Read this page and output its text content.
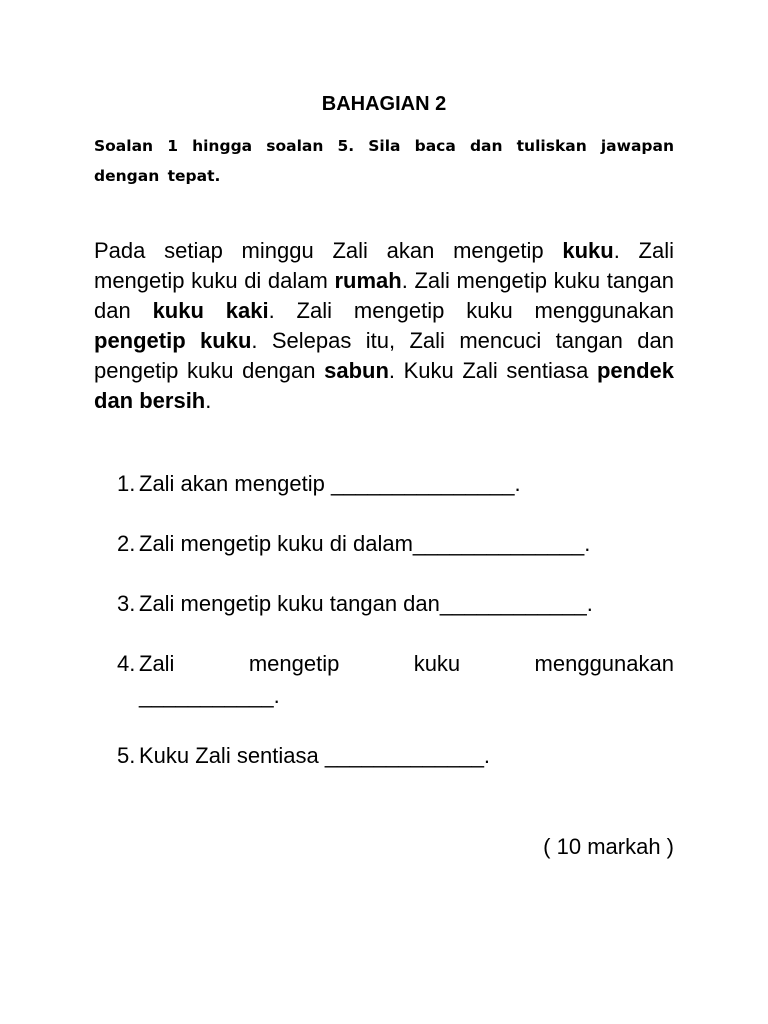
BAHAGIAN 2

Soalan 1 hingga soalan 5. Sila baca dan tuliskan jawapan dengan tepat.

Pada setiap minggu Zali akan mengetip kuku. Zali mengetip kuku di dalam rumah. Zali mengetip kuku tangan dan kuku kaki. Zali mengetip kuku menggunakan pengetip kuku. Selepas itu, Zali mencuci tangan dan pengetip kuku dengan sabun. Kuku Zali sentiasa pendek dan bersih.

1. Zali akan mengetip _______________.
2. Zali mengetip kuku di dalam______________.
3. Zali mengetip kuku tangan dan____________.
4. Zali	mengetip	kuku	menggunakan
___________.
5. Kuku Zali sentiasa _____________.

( 10 markah )
